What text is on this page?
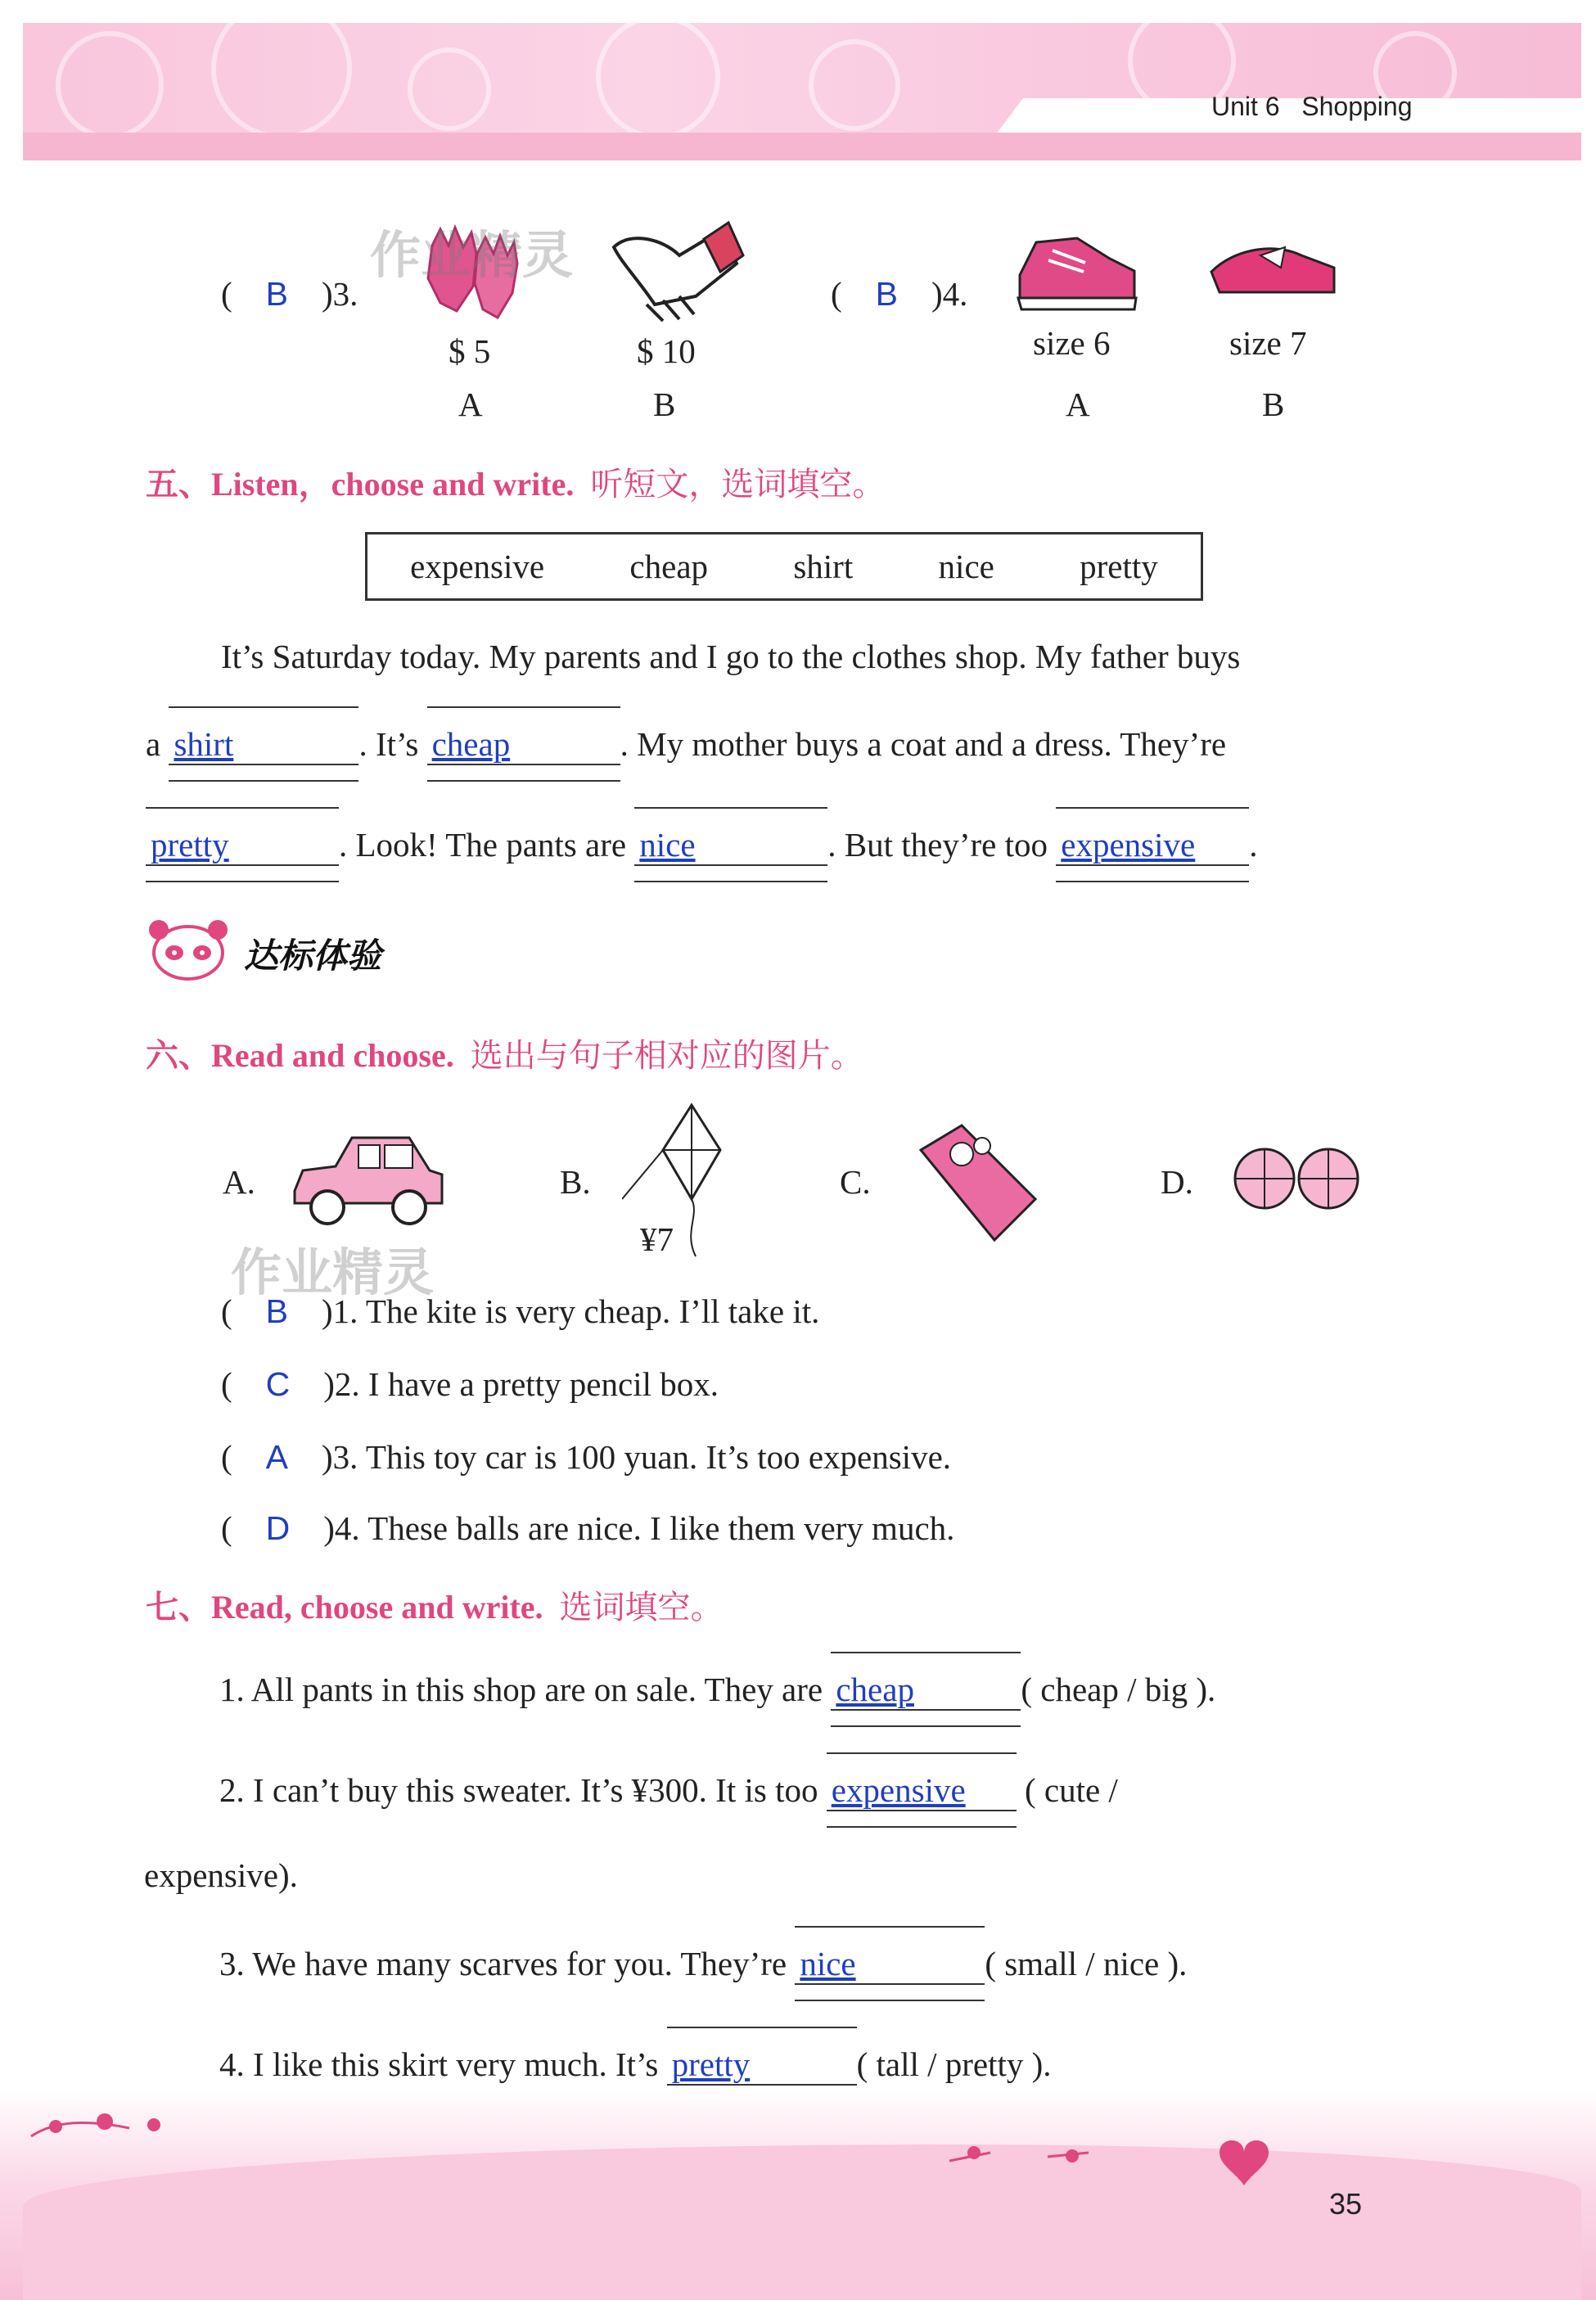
Unit 6 Shopping
( B )3.
$ 5	$ 10
A	B
( B )4.
size 6	size 7
A	B
五、Listen，choose and write. 听短文，选词填空。
expensive	cheap	shirt	nice	pretty
It’s Saturday today. My parents and I go to the clothes shop. My father buys
a shirt	. It’s cheap	. My mother buys a coat and a dress. They’re
pretty	. Look! The pants are nice	. But they’re too expensive .
达标体验
六、Read and choose. 选出与句子相对应的图片。
A.	B.
¥7
C.	D.
作业精灵
作业精灵
( B )1. The kite is very cheap. I’ll take it.
( C )2. I have a pretty pencil box.
( A )3. This toy car is 100 yuan. It’s too expensive.
( D )4. These balls are nice. I like them very much.
七、Read, choose and write. 选词填空。
1. All pants in this shop are on sale. They are cheap	( cheap / big ).
2. I can’t buy this sweater. It’s ¥300. It is too expensive ( cute /
expensive).
3. We have many scarves for you. They’re nice	( small / nice ).
4. I like this skirt very much. It’s pretty	( tall / pretty ).
35
